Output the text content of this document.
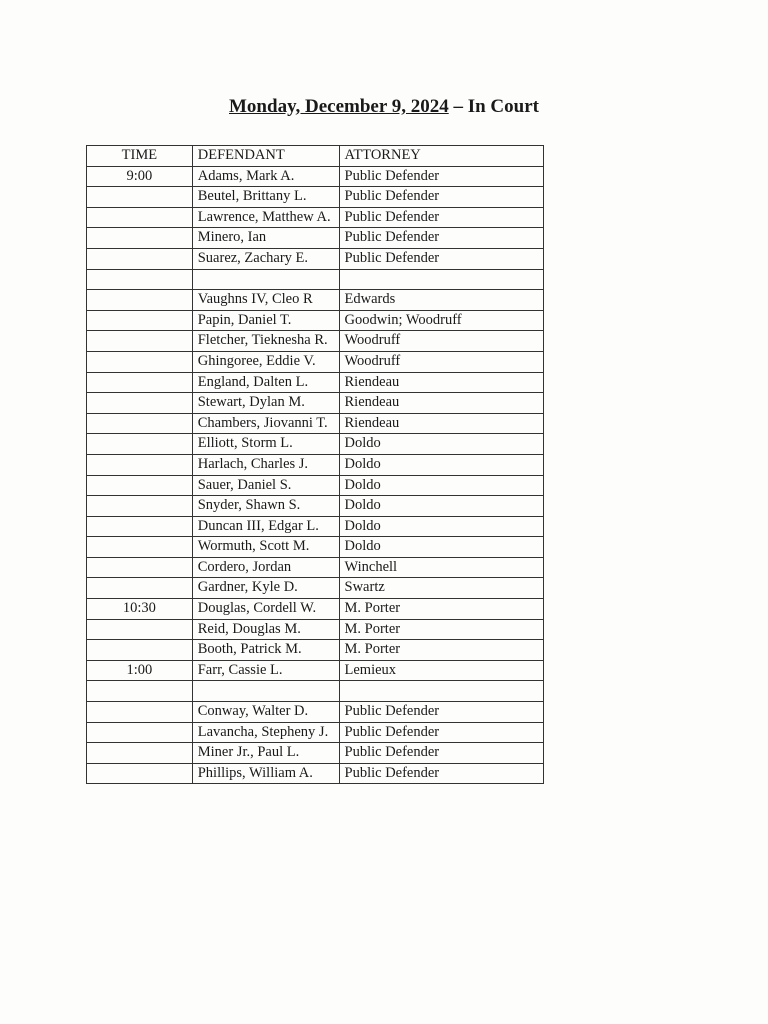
Monday, December 9, 2024 – In Court
TIME	DEFENDANT	ATTORNEY
9:00	Adams, Mark A.	Public Defender
	Beutel, Brittany L.	Public Defender
	Lawrence, Matthew A.	Public Defender
	Minero, Ian	Public Defender
	Suarez, Zachary E.	Public Defender

	Vaughns IV, Cleo R	Edwards
	Papin, Daniel T.	Goodwin; Woodruff
	Fletcher, Tieknesha R.	Woodruff
	Ghingoree, Eddie V.	Woodruff
	England, Dalten L.	Riendeau
	Stewart, Dylan M.	Riendeau
	Chambers, Jiovanni T.	Riendeau
	Elliott, Storm L.	Doldo
	Harlach, Charles J.	Doldo
	Sauer, Daniel S.	Doldo
	Snyder, Shawn S.	Doldo
	Duncan III, Edgar L.	Doldo
	Wormuth, Scott M.	Doldo
	Cordero, Jordan	Winchell
	Gardner, Kyle D.	Swartz
10:30	Douglas, Cordell W.	M. Porter
	Reid, Douglas M.	M. Porter
	Booth, Patrick M.	M. Porter
1:00	Farr, Cassie L.	Lemieux

	Conway, Walter D.	Public Defender
	Lavancha, Stepheny J.	Public Defender
	Miner Jr., Paul L.	Public Defender
	Phillips, William A.	Public Defender
